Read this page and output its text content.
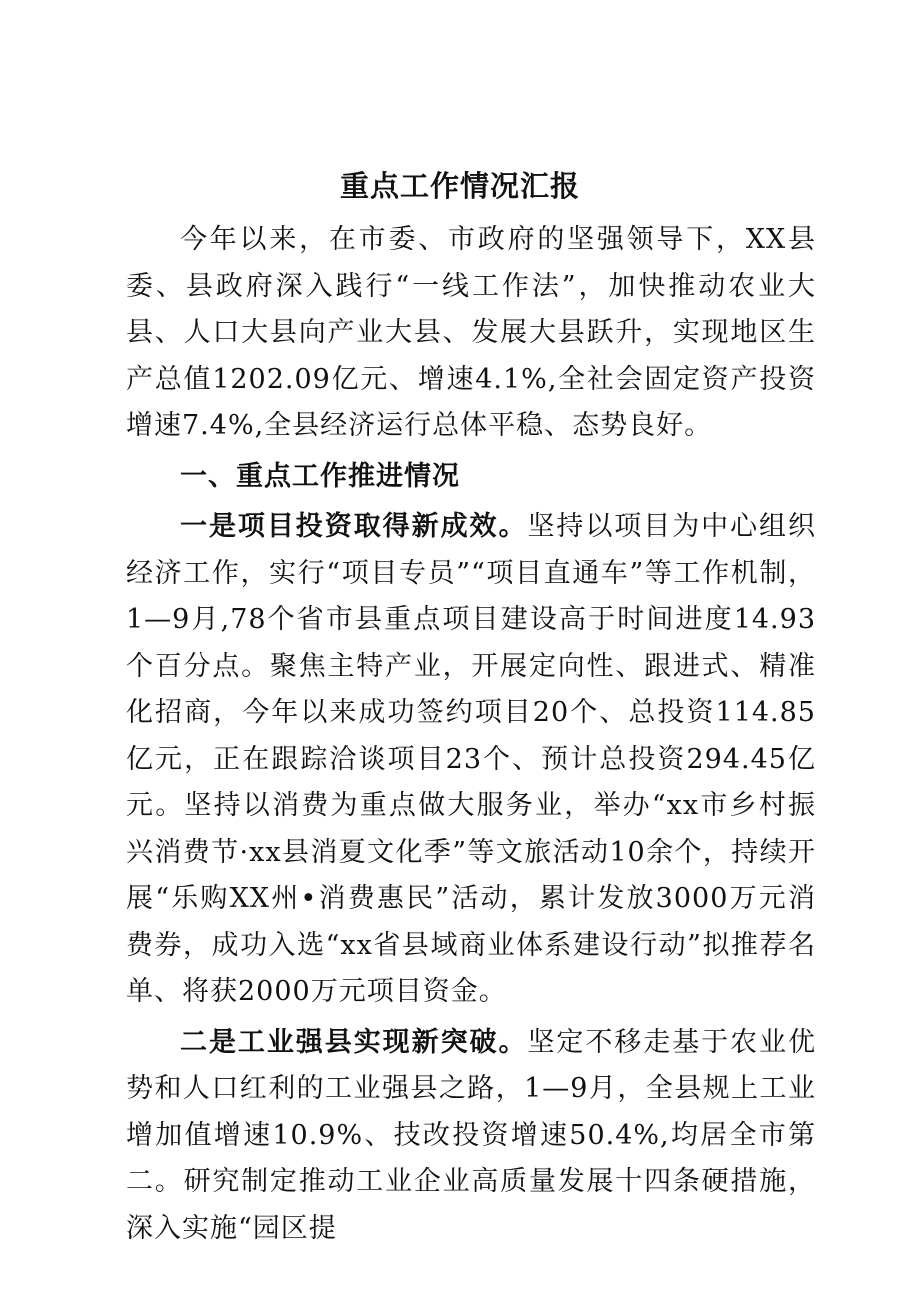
重点工作情况汇报

今年以来，在市委、市政府的坚强领导下，XX县委、县政府深入践行“一线工作法”，加快推动农业大县、人口大县向产业大县、发展大县跃升，实现地区生产总值1202.09亿元、增速4.1%,全社会固定资产投资增速7.4%,全县经济运行总体平稳、态势良好。

一、重点工作推进情况

一是项目投资取得新成效。坚持以项目为中心组织经济工作，实行“项目专员”“项目直通车”等工作机制，1—9月,78个省市县重点项目建设高于时间进度14.93个百分点。聚焦主特产业，开展定向性、跟进式、精准化招商，今年以来成功签约项目20个、总投资114.85亿元，正在跟踪洽谈项目23个、预计总投资294.45亿元。坚持以消费为重点做大服务业，举办“xx市乡村振兴消费节·xx县消夏文化季”等文旅活动10余个，持续开展“乐购XX州•消费惠民”活动，累计发放3000万元消费券，成功入选“xx省县域商业体系建设行动”拟推荐名单、将获2000万元项目资金。

二是工业强县实现新突破。坚定不移走基于农业优势和人口红利的工业强县之路，1—9月，全县规上工业增加值增速10.9%、技改投资增速50.4%,均居全市第二。研究制定推动工业企业高质量发展十四条硬措施，深入实施“园区提
